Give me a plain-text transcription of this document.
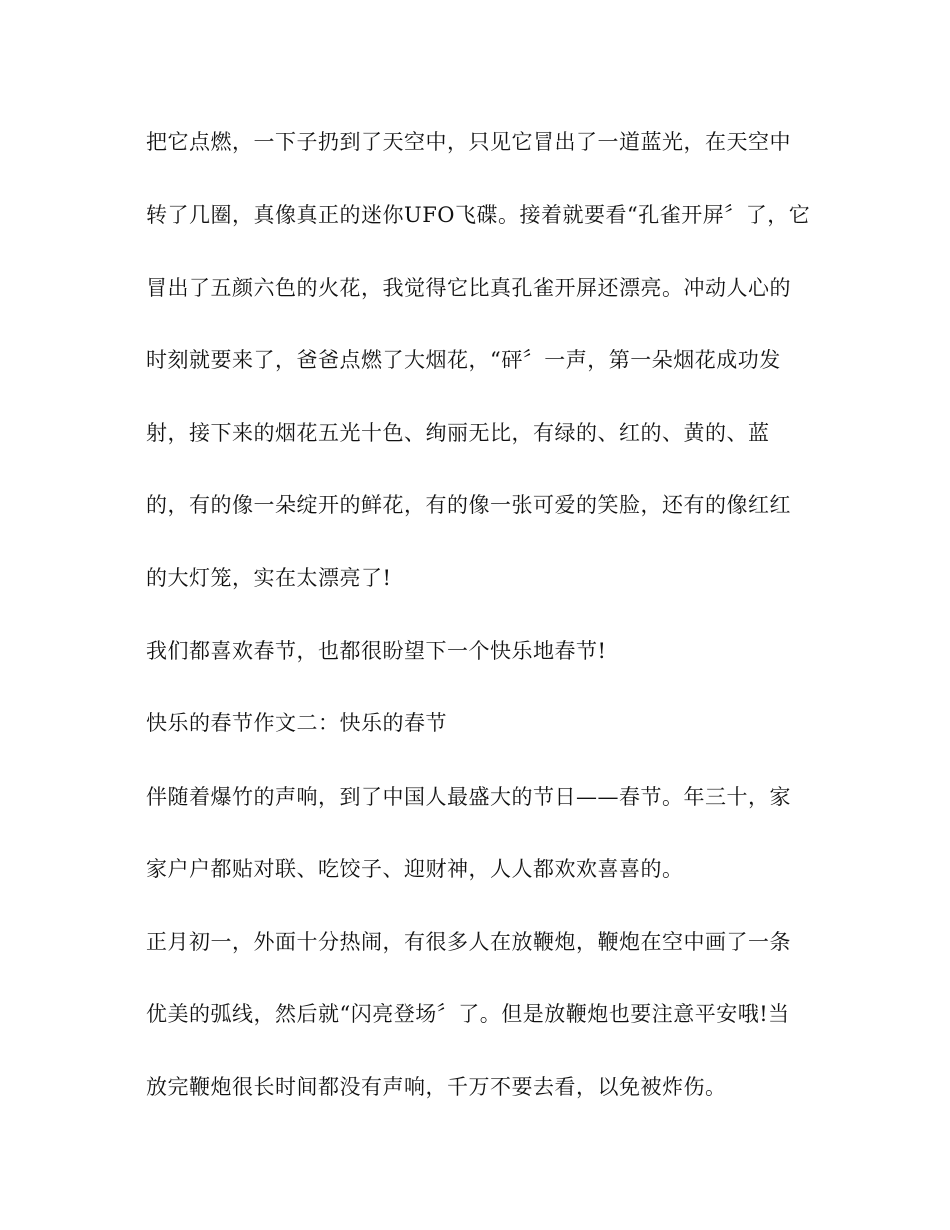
把它点燃，一下子扔到了天空中，只见它冒出了一道蓝光，在天空中
转了几圈，真像真正的迷你UFO飞碟。接着就要看“孔雀开屏〞了，它
冒出了五颜六色的火花，我觉得它比真孔雀开屏还漂亮。冲动人心的
时刻就要来了，爸爸点燃了大烟花，“砰〞一声，第一朵烟花成功发
射，接下来的烟花五光十色、绚丽无比，有绿的、红的、黄的、蓝
的，有的像一朵绽开的鲜花，有的像一张可爱的笑脸，还有的像红红
的大灯笼，实在太漂亮了!
我们都喜欢春节，也都很盼望下一个快乐地春节!
快乐的春节作文二：快乐的春节
伴随着爆竹的声响，到了中国人最盛大的节日——春节。年三十，家
家户户都贴对联、吃饺子、迎财神，人人都欢欢喜喜的。
正月初一，外面十分热闹，有很多人在放鞭炮，鞭炮在空中画了一条
优美的弧线，然后就“闪亮登场〞了。但是放鞭炮也要注意平安哦!当
放完鞭炮很长时间都没有声响，千万不要去看，以免被炸伤。
